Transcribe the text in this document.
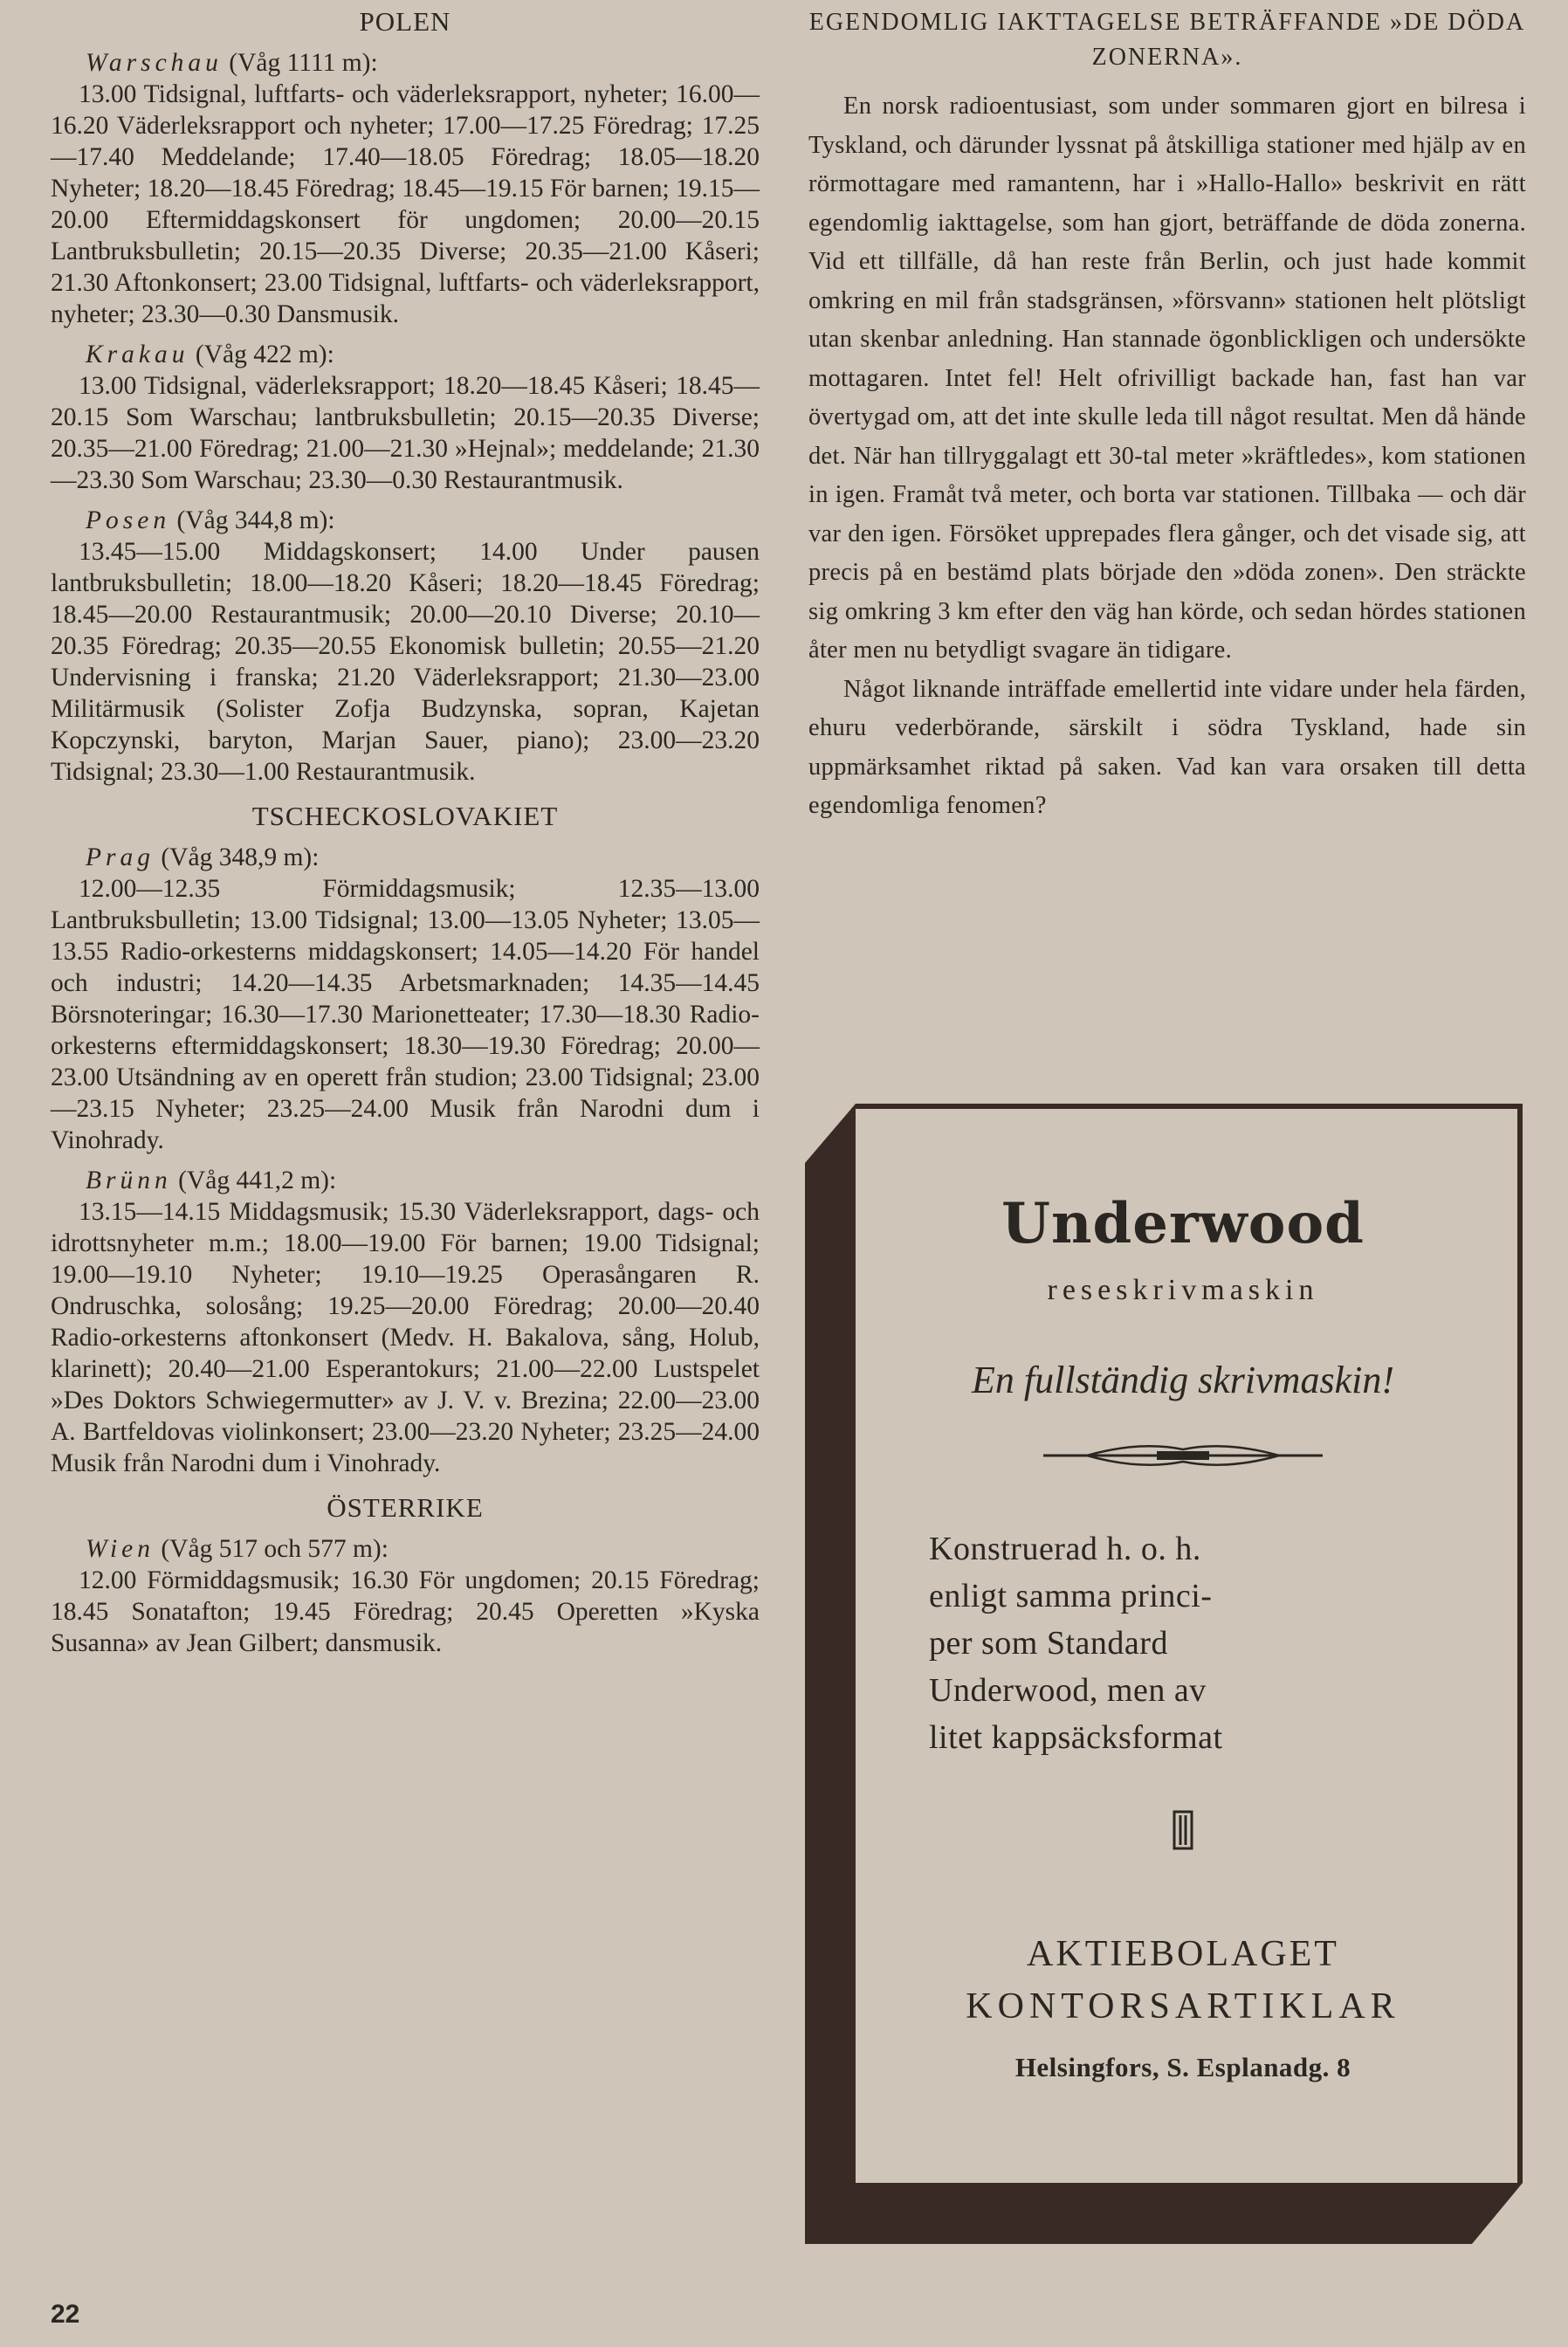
POLEN
Warschau (Våg 1111 m):

13.00 Tidsignal, luftfarts- och väderleksrapport, nyheter; 16.00—16.20 Väderleksrapport och nyheter; 17.00—17.25 Föredrag; 17.25—17.40 Meddelande; 17.40—18.05 Föredrag; 18.05—18.20 Nyheter; 18.20—18.45 Föredrag; 18.45—19.15 För barnen; 19.15—20.00 Eftermiddagskonsert för ungdomen; 20.00—20.15 Lantbruksbulletin; 20.15—20.35 Diverse; 20.35—21.00 Kåseri; 21.30 Aftonkonsert; 23.00 Tidsignal, luftfarts- och väderleksrapport, nyheter; 23.30—0.30 Dansmusik.

Krakau (Våg 422 m):

13.00 Tidsignal, väderleksrapport; 18.20—18.45 Kåseri; 18.45—20.15 Som Warschau; lantbruksbulletin; 20.15—20.35 Diverse; 20.35—21.00 Föredrag; 21.00—21.30 »Hejnal»; meddelande; 21.30—23.30 Som Warschau; 23.30—0.30 Restaurantmusik.

Posen (Våg 344,8 m):

13.45—15.00 Middagskonsert; 14.00 Under pausen lantbruksbulletin; 18.00—18.20 Kåseri; 18.20—18.45 Föredrag; 18.45—20.00 Restaurantmusik; 20.00—20.10 Diverse; 20.10—20.35 Föredrag; 20.35—20.55 Ekonomisk bulletin; 20.55—21.20 Undervisning i franska; 21.20 Väderleksrapport; 21.30—23.00 Militärmusik (Solister Zofja Budzynska, sopran, Kajetan Kopczynski, baryton, Marjan Sauer, piano); 23.00—23.20 Tidsignal; 23.30—1.00 Restaurantmusik.

TSCHECKOSLOVAKIET
Prag (Våg 348,9 m):

12.00—12.35 Förmiddagsmusik; 12.35—13.00 Lantbruksbulletin; 13.00 Tidsignal; 13.00—13.05 Nyheter; 13.05—13.55 Radio-orkesterns middagskonsert; 14.05—14.20 För handel och industri; 14.20—14.35 Arbetsmarknaden; 14.35—14.45 Börsnoteringar; 16.30—17.30 Marionetteater; 17.30—18.30 Radio-orkesterns eftermiddagskonsert; 18.30—19.30 Föredrag; 20.00—23.00 Utsändning av en operett från studion; 23.00 Tidsignal; 23.00—23.15 Nyheter; 23.25—24.00 Musik från Narodni dum i Vinohrady.

Brünn (Våg 441,2 m):

13.15—14.15 Middagsmusik; 15.30 Väderleksrapport, dags- och idrottsnyheter m.m.; 18.00—19.00 För barnen; 19.00 Tidsignal; 19.00—19.10 Nyheter; 19.10—19.25 Operasångaren R. Ondruschka, solosång; 19.25—20.00 Föredrag; 20.00—20.40 Radio-orkesterns aftonkonsert (Medv. H. Bakalova, sång, Holub, klarinett); 20.40—21.00 Esperantokurs; 21.00—22.00 Lustspelet »Des Doktors Schwiegermutter» av J. V. v. Brezina; 22.00—23.00 A. Bartfeldovas violinkonsert; 23.00—23.20 Nyheter; 23.25—24.00 Musik från Narodni dum i Vinohrady.

ÖSTERRIKE
Wien (Våg 517 och 577 m):

12.00 Förmiddagsmusik; 16.30 För ungdomen; 20.15 Föredrag; 18.45 Sonatafton; 19.45 Föredrag; 20.45 Operetten »Kyska Susanna» av Jean Gilbert; dansmusik.

EGENDOMLIG IAKTTAGELSE BETRÄFFANDE »DE DÖDA ZONERNA».

En norsk radioentusiast, som under sommaren gjort en bilresa i Tyskland, och därunder lyssnat på åtskilliga stationer med hjälp av en rörmottagare med ramantenn, har i »Hallo-Hallo» beskrivit en rätt egendomlig iakttagelse, som han gjort, beträffande de döda zonerna. Vid ett tillfälle, då han reste från Berlin, och just hade kommit omkring en mil från stadsgränsen, »försvann» stationen helt plötsligt utan skenbar anledning. Han stannade ögonblickligen och undersökte mottagaren. Intet fel! Helt ofrivilligt backade han, fast han var övertygad om, att det inte skulle leda till något resultat. Men då hände det. När han tillryggalagt ett 30-tal meter »kräftledes», kom stationen in igen. Framåt två meter, och borta var stationen. Tillbaka — och där var den igen. Försöket upprepades flera gånger, och det visade sig, att precis på en bestämd plats började den »döda zonen». Den sträckte sig omkring 3 km efter den väg han körde, och sedan hördes stationen åter men nu betydligt svagare än tidigare.

Något liknande inträffade emellertid inte vidare under hela färden, ehuru vederbörande, särskilt i södra Tyskland, hade sin uppmärksamhet riktad på saken. Vad kan vara orsaken till detta egendomliga fenomen?

Underwood
reseskrivmaskin
En fullständig skrivmaskin!
Konstruerad h. o. h.
enligt samma princi-
per som Standard
Underwood, men av
litet kappsäcksformat
AKTIEBOLAGET
KONTORSARTIKLAR
Helsingfors, S. Esplanadg. 8
22
